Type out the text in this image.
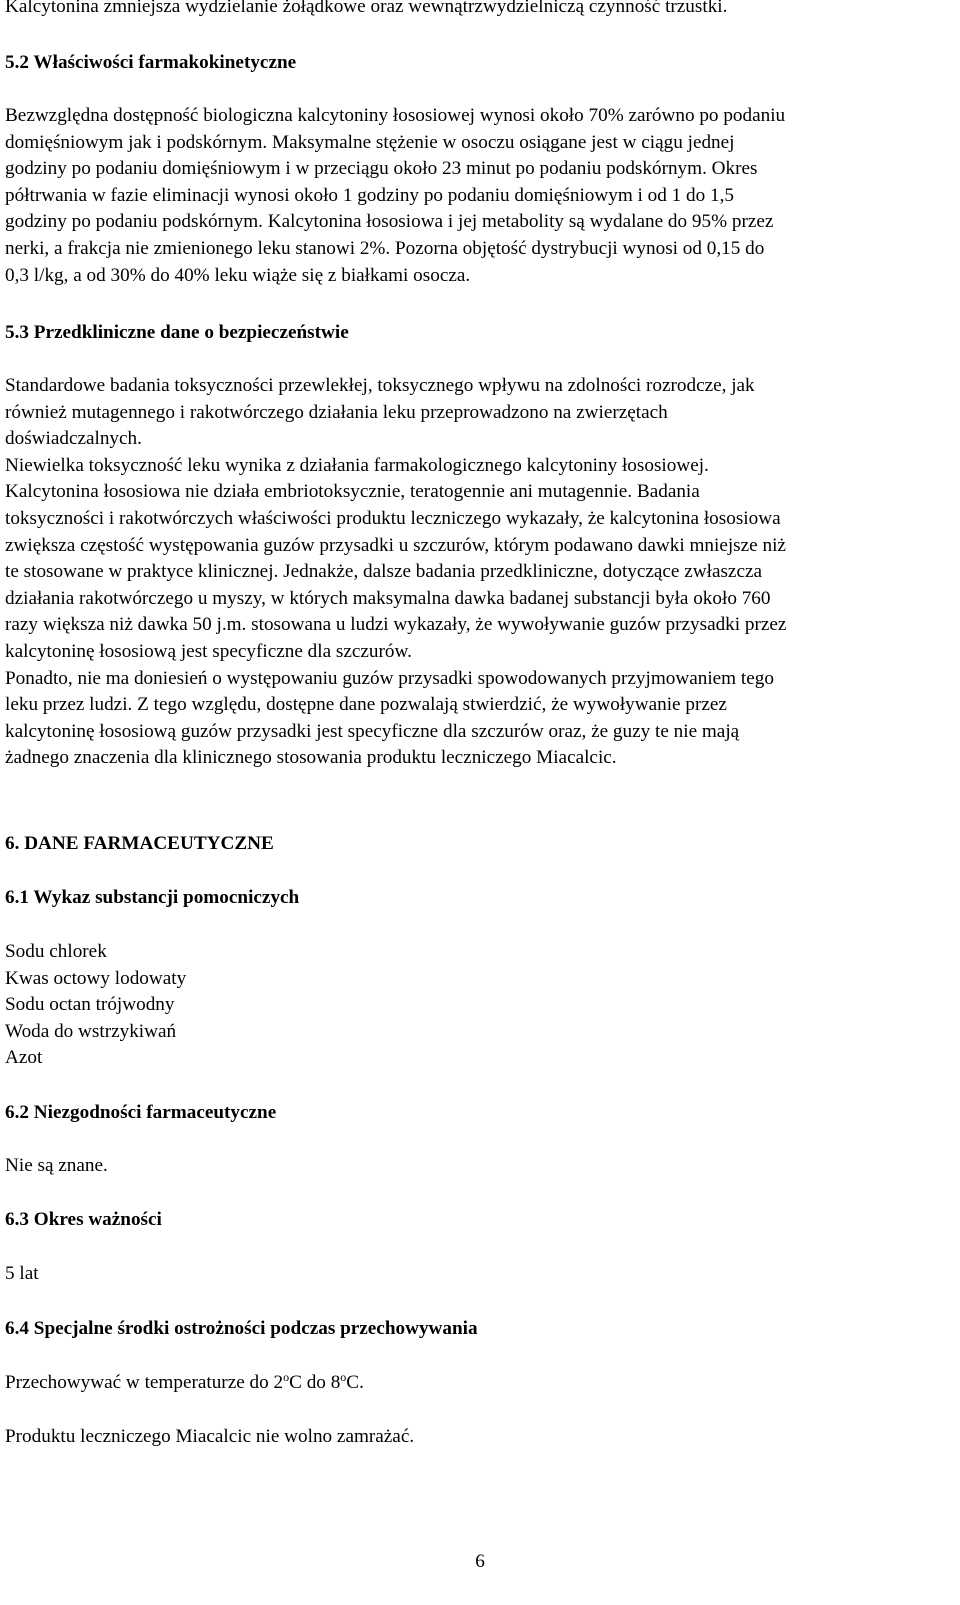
Kalcytonina zmniejsza wydzielanie żołądkowe oraz wewnątrzwydzielniczą czynność trzustki.

5.2 Właściwości farmakokinetyczne

Bezwzględna dostępność biologiczna kalcytoniny łososiowej wynosi około 70% zarówno po podaniu

domięśniowym jak i podskórnym. Maksymalne stężenie w osoczu osiągane jest w ciągu jednej

godziny po podaniu domięśniowym i w przeciągu około 23 minut po podaniu podskórnym. Okres

półtrwania w fazie eliminacji wynosi około 1 godziny po podaniu domięśniowym i od 1 do 1,5

godziny po podaniu podskórnym. Kalcytonina łososiowa i jej metabolity są wydalane do 95% przez

nerki, a frakcja nie zmienionego leku stanowi 2%. Pozorna objętość dystrybucji wynosi od 0,15 do

0,3 l/kg, a od 30% do 40% leku wiąże się z białkami osocza.

5.3 Przedkliniczne dane o bezpieczeństwie

Standardowe badania toksyczności przewlekłej, toksycznego wpływu na zdolności rozrodcze, jak

również mutagennego i rakotwórczego działania leku przeprowadzono na zwierzętach

doświadczalnych.

Niewielka toksyczność leku wynika z działania farmakologicznego kalcytoniny łososiowej.

Kalcytonina łososiowa nie działa embriotoksycznie, teratogennie ani mutagennie. Badania

toksyczności i rakotwórczych właściwości produktu leczniczego wykazały, że kalcytonina łososiowa

zwiększa częstość występowania guzów przysadki u szczurów, którym podawano dawki mniejsze niż

te stosowane w praktyce klinicznej. Jednakże, dalsze badania przedkliniczne, dotyczące zwłaszcza

działania rakotwórczego u myszy, w których maksymalna dawka badanej substancji była około 760

razy większa niż dawka 50 j.m. stosowana u ludzi wykazały, że wywoływanie guzów przysadki przez

kalcytoninę łososiową jest specyficzne dla szczurów.

Ponadto, nie ma doniesień o występowaniu guzów przysadki spowodowanych przyjmowaniem tego

leku przez ludzi. Z tego względu, dostępne dane pozwalają stwierdzić, że wywoływanie przez

kalcytoninę łososiową guzów przysadki jest specyficzne dla szczurów oraz, że guzy te nie mają

żadnego znaczenia dla klinicznego stosowania produktu leczniczego Miacalcic.

6. DANE FARMACEUTYCZNE

6.1 Wykaz substancji pomocniczych

Sodu chlorek

Kwas octowy lodowaty

Sodu octan trójwodny

Woda do wstrzykiwań

Azot

6.2 Niezgodności farmaceutyczne

Nie są znane.

6.3 Okres ważności

5 lat

6.4 Specjalne środki ostrożności podczas przechowywania

Przechowywać w temperaturze do 2$^o$C do 8$^o$C.

Produktu leczniczego Miacalcic nie wolno zamrażać.

6
